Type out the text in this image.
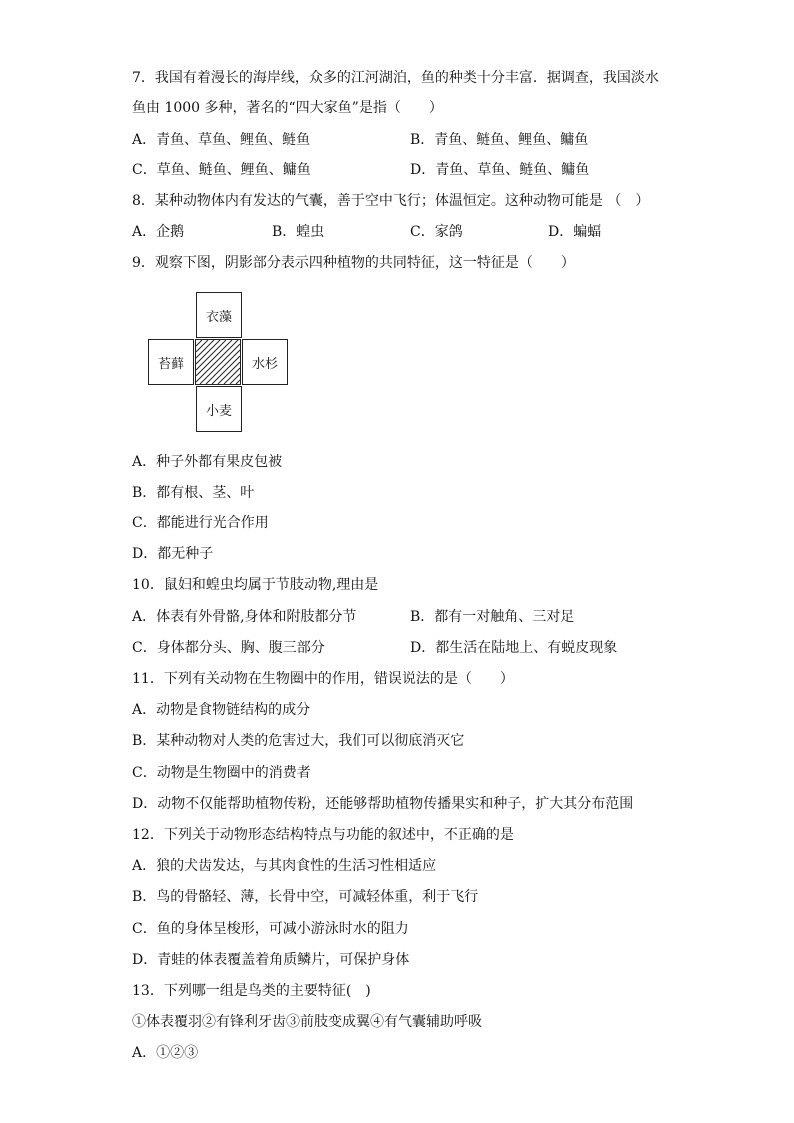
7．我国有着漫长的海岸线，众多的江河湖泊，鱼的种类十分丰富．据调查，我国淡水
鱼由 1000 多种，著名的“四大家鱼”是指（　　）
A．青鱼、草鱼、鲤鱼、鲢鱼	B．青鱼、鲢鱼、鲤鱼、鳙鱼
C．草鱼、鲢鱼、鲤鱼、鳙鱼	D．青鱼、草鱼、鲢鱼、鳙鱼
8．某种动物体内有发达的气囊，善于空中飞行；体温恒定。这种动物可能是 （　）
A．企鹅	B．蝗虫	C．家鸽	D．蝙蝠
9．观察下图，阴影部分表示四种植物的共同特征，这一特征是（　　）
衣藻
苔藓	水杉
小麦
A．种子外都有果皮包被
B．都有根、茎、叶
C．都能进行光合作用
D．都无种子
10．鼠妇和蝗虫均属于节肢动物,理由是
A．体表有外骨骼,身体和附肢都分节	B．都有一对触角、三对足
C．身体都分头、胸、腹三部分	D．都生活在陆地上、有蜕皮现象
11．下列有关动物在生物圈中的作用，错误说法的是（　　）
A．动物是食物链结构的成分
B．某种动物对人类的危害过大，我们可以彻底消灭它
C．动物是生物圈中的消费者
D．动物不仅能帮助植物传粉，还能够帮助植物传播果实和种子，扩大其分布范围
12．下列关于动物形态结构特点与功能的叙述中，不正确的是
A．狼的犬齿发达，与其肉食性的生活习性相适应
B．鸟的骨骼轻、薄，长骨中空，可减轻体重，利于飞行
C．鱼的身体呈梭形，可减小游泳时水的阻力
D．青蛙的体表覆盖着角质鳞片，可保护身体
13．下列哪一组是鸟类的主要特征(　)
①体表覆羽②有锋利牙齿③前肢变成翼④有气囊辅助呼吸
A．①②③
